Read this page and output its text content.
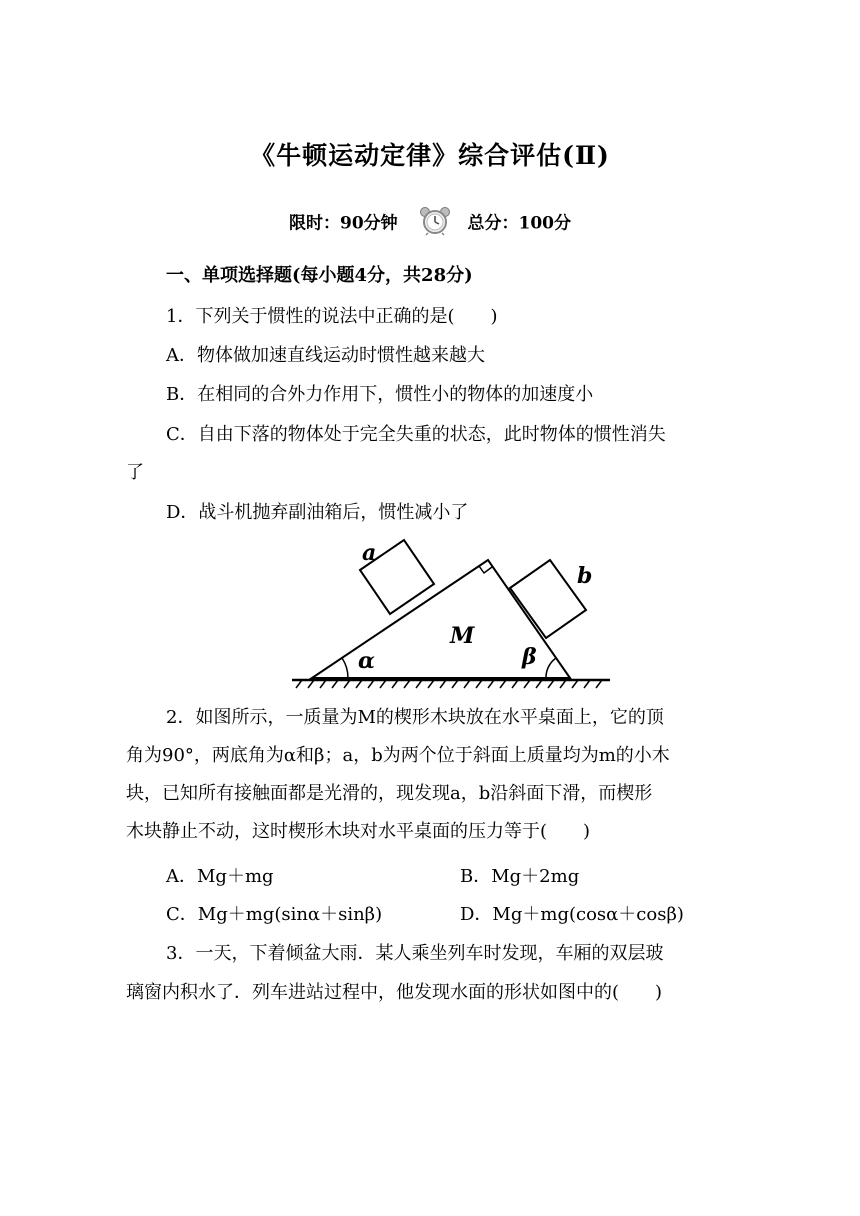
《牛顿运动定律》综合评估(Ⅱ)
限时：90分钟	总分：100分
一、单项选择题(每小题4分，共28分)
1．下列关于惯性的说法中正确的是(　　)
A．物体做加速直线运动时惯性越来越大
B．在相同的合外力作用下，惯性小的物体的加速度小
C．自由下落的物体处于完全失重的状态，此时物体的惯性消失
了
D．战斗机抛弃副油箱后，惯性减小了
a
b
M
α	β
2．如图所示，一质量为M的楔形木块放在水平桌面上，它的顶
角为90°，两底角为α和β；a，b为两个位于斜面上质量均为m的小木
块，已知所有接触面都是光滑的，现发现a，b沿斜面下滑，而楔形
木块静止不动，这时楔形木块对水平桌面的压力等于(　　)
A．Mg＋mg	B．Mg＋2mg
C．Mg＋mg(sinα＋sinβ)	D．Mg＋mg(cosα＋cosβ)
3．一天，下着倾盆大雨．某人乘坐列车时发现，车厢的双层玻
璃窗内积水了．列车进站过程中，他发现水面的形状如图中的(　　)
